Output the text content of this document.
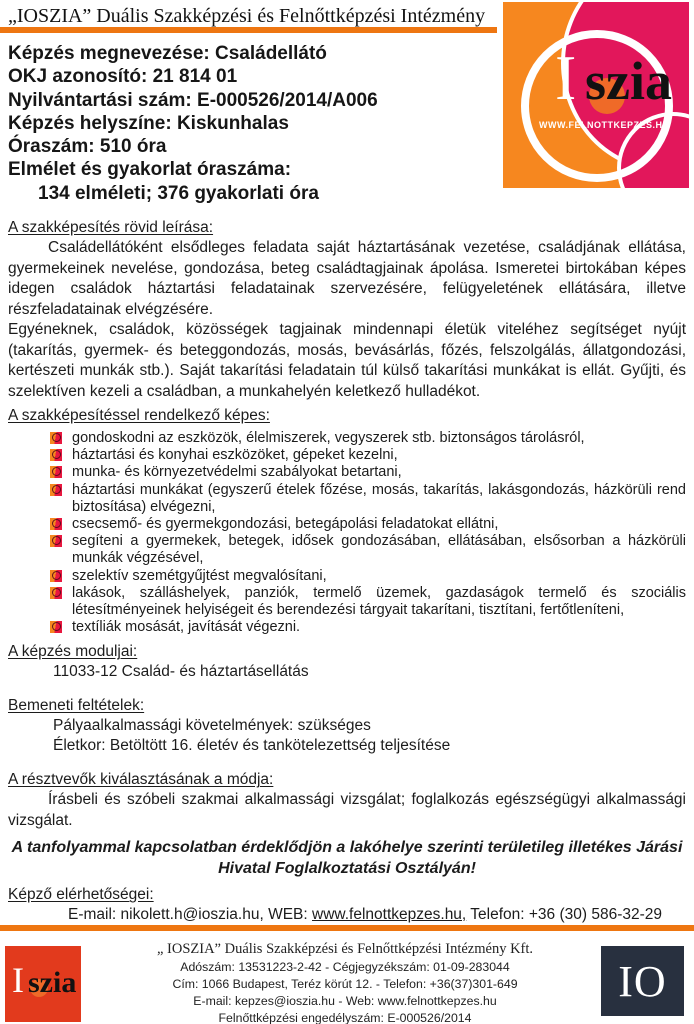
„IOSZIA” Duális Szakképzési és Felnőttképzési Intézmény
I szia
WWW.FELNOTTKEPZES.HU
Képzés megnevezése: Családellátó
OKJ azonosító: 21 814 01
Nyilvántartási szám: E-000526/2014/A006
Képzés helyszíne: Kiskunhalas
Óraszám: 510 óra
Elmélet és gyakorlat óraszáma:
134 elméleti; 376 gyakorlati óra

A szakképesítés rövid leírása:

Családellátóként elsődleges feladata saját háztartásának vezetése, családjának ellátása, gyermekeinek nevelése, gondozása, beteg családtagjainak ápolása. Ismeretei birtokában képes idegen családok háztartási feladatainak szervezésére, felügyeletének ellátására, illetve részfeladatainak elvégzésére.

Egyéneknek, családok, közösségek tagjainak mindennapi életük viteléhez segítséget nyújt (takarítás, gyermek- és beteggondozás, mosás, bevásárlás, főzés, felszolgálás, állatgondozási, kertészeti munkák stb.). Saját takarítási feladatain túl külső takarítási munkákat is ellát. Gyűjti, és szelektíven kezeli a családban, a munkahelyén keletkező hulladékot.

A szakképesítéssel rendelkező képes:

gondoskodni az eszközök, élelmiszerek, vegyszerek stb. biztonságos tárolásról,
háztartási és konyhai eszközöket, gépeket kezelni,
munka- és környezetvédelmi szabályokat betartani,
háztartási munkákat (egyszerű ételek főzése, mosás, takarítás, lakásgondozás, házkörüli rend biztosítása) elvégezni,
csecsemő- és gyermekgondozási, betegápolási feladatokat ellátni,
segíteni a gyermekek, betegek, idősek gondozásában, ellátásában, elsősorban a házkörüli munkák végzésével,
szelektív szemétgyűjtést megvalósítani,
lakások, szálláshelyek, panziók, termelő üzemek, gazdaságok termelő és szociális létesítményeinek helyiségeit és berendezési tárgyait takarítani, tisztítani, fertőtleníteni,
textíliák mosását, javítását végezni.

A képzés moduljai:

11033-12 Család- és háztartásellátás

Bemeneti feltételek:

Pályaalkalmassági követelmények: szükséges
Életkor: Betöltött 16. életév és tankötelezettség teljesítése

A résztvevők kiválasztásának a módja:

Írásbeli és szóbeli szakmai alkalmassági vizsgálat; foglalkozás egészségügyi alkalmassági vizsgálat.

A tanfolyammal kapcsolatban érdeklődjön a lakóhelye szerinti területileg illetékes Járási Hivatal Foglalkoztatási Osztályán!

Képző elérhetőségei:

E-mail: nikolett.h@ioszia.hu, WEB: www.felnottkepzes.hu, Telefon: +36 (30) 586-32-29
I szia
„ IOSZIA” Duális Szakképzési és Felnőttképzési Intézmény Kft.
Adószám: 13531223-2-42 - Cégjegyzékszám: 01-09-283044
Cím: 1066 Budapest, Teréz körút 12. - Telefon: +36(37)301-649
E-mail: kepzes@ioszia.hu - Web: www.felnottkepzes.hu
Felnőttképzési engedélyszám: E-000526/2014
IO
